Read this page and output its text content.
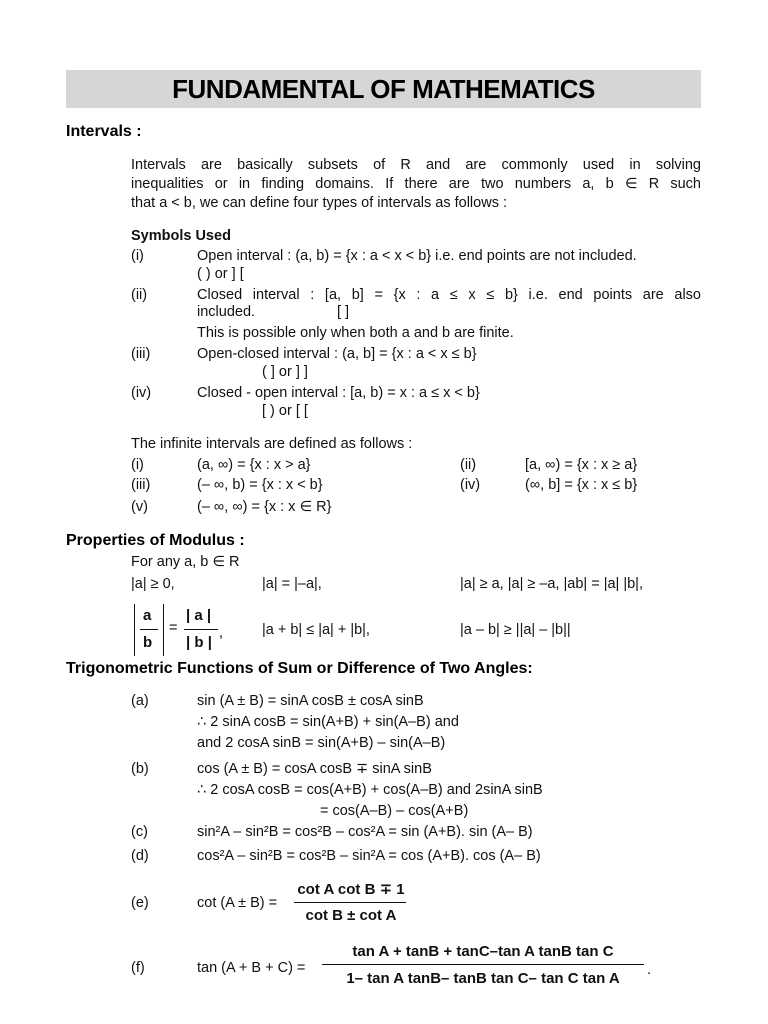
FUNDAMENTAL OF MATHEMATICS
Intervals :
Intervals are basically subsets of R and are commonly used in solving
inequalities or in finding domains. If there are two numbers a, b ∈ R such
that a < b, we can define four types of intervals as follows :
Symbols Used
(i)	Open interval : (a, b) = {x : a < x < b} i.e. end points are not included.
( ) or ] [
(ii)	Closed interval : [a, b] = {x : a ≤ x ≤ b} i.e. end points are also
included.	[ ]
This is possible only when both a and b are finite.
(iii)	Open-closed interval : (a, b] = {x : a < x ≤ b}
( ] or ] ]
(iv)	Closed - open interval : [a, b) = x : a ≤ x < b}
[ ) or [ [
The infinite intervals are defined as follows :
(i)	(a, ∞) = {x : x > a}	(ii)	[a, ∞) = {x : x ≥ a}
(iii)	(– ∞, b) = {x : x < b}	(iv)	(∞, b] = {x : x ≤ b}
(v)	(– ∞, ∞) = {x : x ∈ R}
Properties of Modulus :
For any a, b ∈ R
|a| ≥ 0,	|a| = |–a|,	|a| ≥ a, |a| ≥ –a, |ab| = |a| |b|,
a
b
=
| a |
| b |
,	|a + b| ≤ |a| + |b|,	|a – b| ≥ ||a| – |b||
Trigonometric Functions of Sum or Difference of Two Angles:
(a)	sin (A ± B) = sinA cosB ± cosA sinB
∴ 2 sinA cosB = sin(A+B) + sin(A–B) and
and 2 cosA sinB = sin(A+B) – sin(A–B)
(b)	cos (A ± B) = cosA cosB ∓ sinA sinB
∴ 2 cosA cosB = cos(A+B) + cos(A–B) and 2sinA sinB
= cos(A–B) – cos(A+B)
(c)	sin²A – sin²B = cos²B – cos²A = sin (A+B). sin (A– B)
(d)	cos²A – sin²B = cos²B – sin²A = cos (A+B). cos (A– B)
(e)	cot (A ± B) =
cot A cot B ∓ 1
cot B ± cot A
(f)	tan (A + B + C) =
tan A + tanB + tanC–tan A tanB tan C
1– tan A tanB– tanB tan C– tan C tan A	.
